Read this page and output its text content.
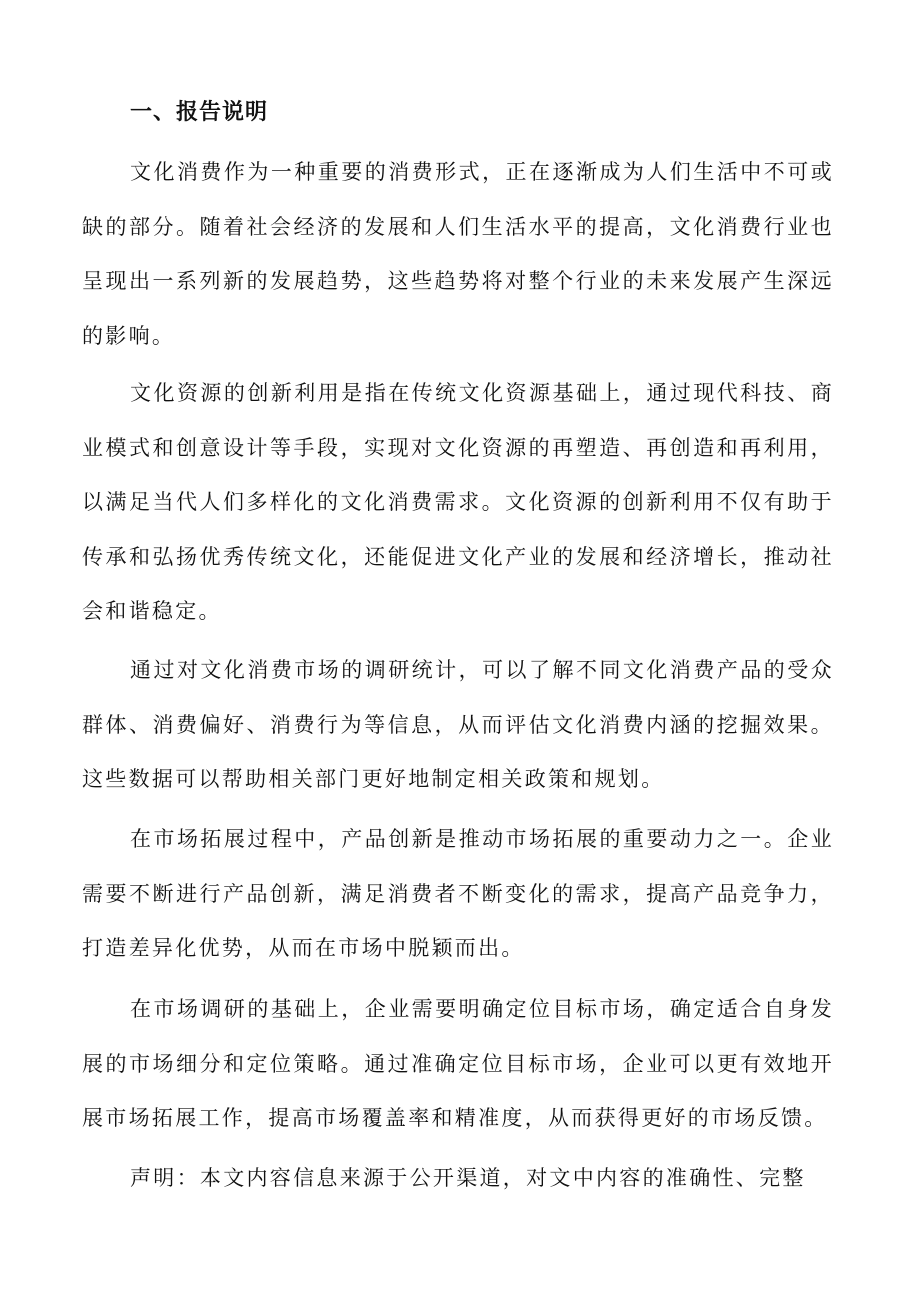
一、报告说明

文化消费作为一种重要的消费形式，正在逐渐成为人们生活中不可或缺的部分。随着社会经济的发展和人们生活水平的提高，文化消费行业也呈现出一系列新的发展趋势，这些趋势将对整个行业的未来发展产生深远的影响。

文化资源的创新利用是指在传统文化资源基础上，通过现代科技、商业模式和创意设计等手段，实现对文化资源的再塑造、再创造和再利用，以满足当代人们多样化的文化消费需求。文化资源的创新利用不仅有助于传承和弘扬优秀传统文化，还能促进文化产业的发展和经济增长，推动社会和谐稳定。

通过对文化消费市场的调研统计，可以了解不同文化消费产品的受众群体、消费偏好、消费行为等信息，从而评估文化消费内涵的挖掘效果。这些数据可以帮助相关部门更好地制定相关政策和规划。

在市场拓展过程中，产品创新是推动市场拓展的重要动力之一。企业需要不断进行产品创新，满足消费者不断变化的需求，提高产品竞争力，打造差异化优势，从而在市场中脱颖而出。

在市场调研的基础上，企业需要明确定位目标市场，确定适合自身发展的市场细分和定位策略。通过准确定位目标市场，企业可以更有效地开展市场拓展工作，提高市场覆盖率和精准度，从而获得更好的市场反馈。

声明：本文内容信息来源于公开渠道，对文中内容的准确性、完整
